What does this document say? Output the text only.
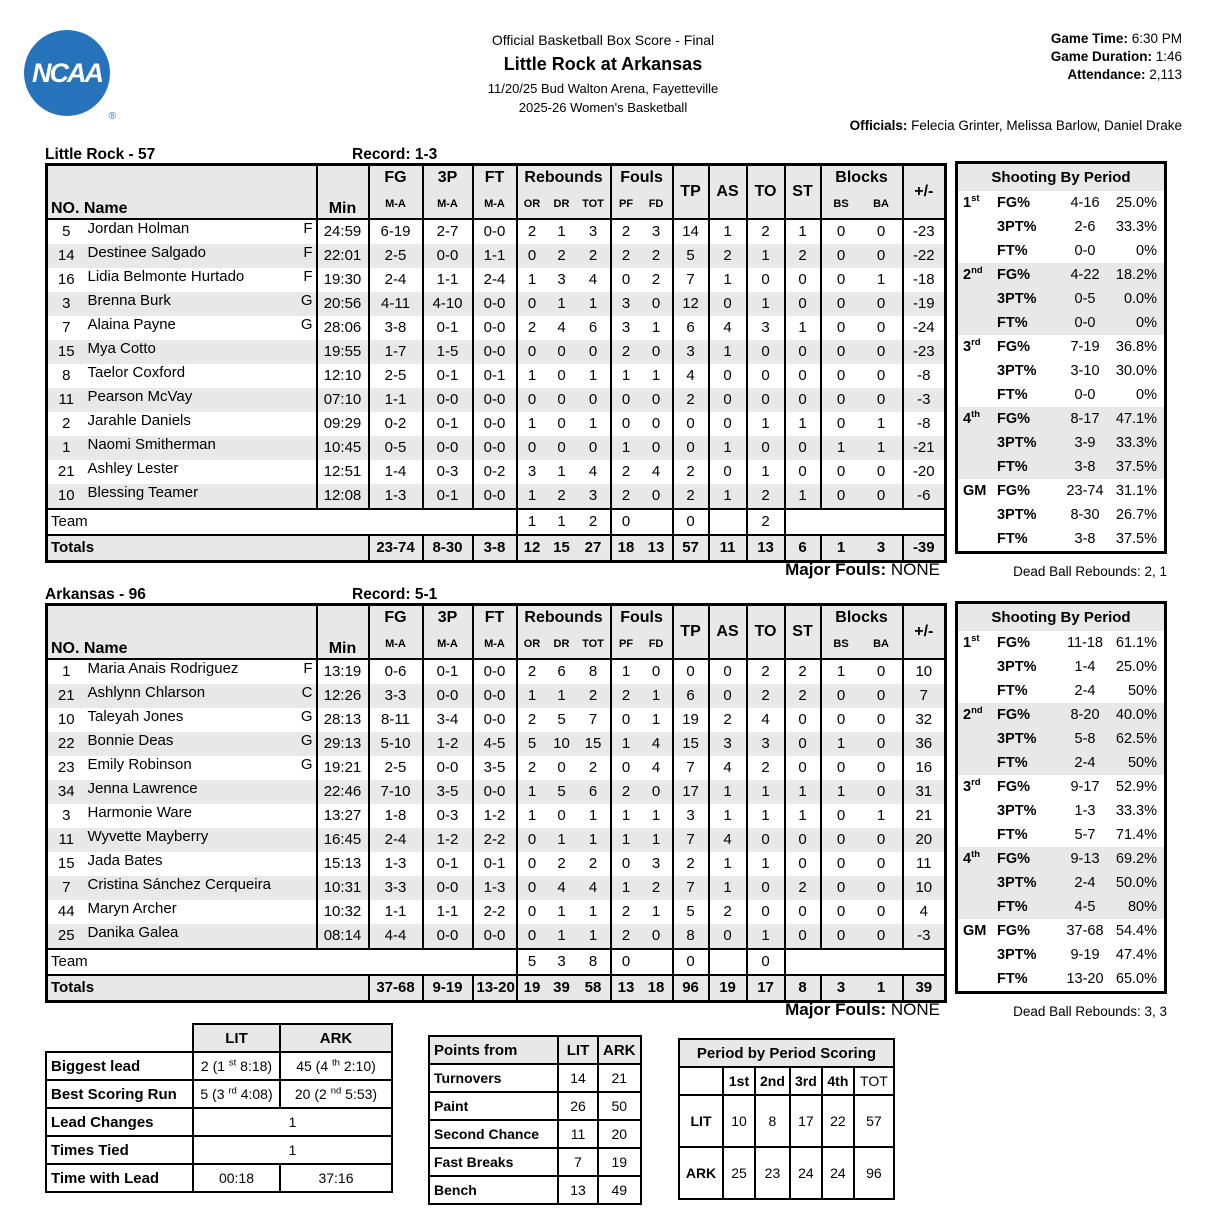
NCAA
®
Official Basketball Box Score - Final
Little Rock at Arkansas
11/20/25 Bud Walton Arena, Fayetteville
2025-26 Women's Basketball
Game Time: 6:30 PM
Game Duration: 1:46
Attendance: 2,113
Officials: Felecia Grinter, Melissa Barlow, Daniel Drake
Little Rock - 57	Record: 1-3
NO. Name	Min	FG	3P	FT	Rebounds			Fouls		TP	AS	TO	ST	Blocks		+/-
		M-A	M-A	M-A	OR	DR	TOT	PF	FD					BS	BA	
5	Jordan Holman	F 24:59	6-19	2-7	0-0	2	1	3	2	3	14	1	2	1	0	0	-23
14	Destinee Salgado	F 22:01	2-5	0-0	1-1	0	2	2	2	2	5	2	1	2	0	0	-22
16	Lidia Belmonte Hurtado	F 19:30	2-4	1-1	2-4	1	3	4	0	2	7	1	0	0	0	1	-18
3	Brenna Burk	G 20:56	4-11	4-10	0-0	0	1	1	3	0	12	0	1	0	0	0	-19
7	Alaina Payne	G 28:06	3-8	0-1	0-0	2	4	6	3	1	6	4	3	1	0	0	-24
15	Mya Cotto	19:55	1-7	1-5	0-0	0	0	0	2	0	3	1	0	0	0	0	-23
8	Taelor Coxford	12:10	2-5	0-1	0-1	1	0	1	1	1	4	0	0	0	0	0	-8
11	Pearson McVay	07:10	1-1	0-0	0-0	0	0	0	0	0	2	0	0	0	0	0	-3
2	Jarahle Daniels	09:29	0-2	0-1	0-0	1	0	1	0	0	0	0	1	1	0	1	-8
1	Naomi Smitherman	10:45	0-5	0-0	0-0	0	0	0	1	0	0	1	0	0	1	1	-21
21	Ashley Lester	12:51	1-4	0-3	0-2	3	1	4	2	4	2	0	1	0	0	0	-20
10	Blessing Teamer	12:08	1-3	0-1	0-0	1	2	3	2	0	2	1	2	1	0	0	-6
Team					1	1	2	0		0		2				
Totals		23-74	8-30	3-8	12	15	27	18	13	57	11	13	6	1	3	-39
Shooting By Period
1st	FG%	4-16	25.0%
3PT%	2-6	33.3%
FT%	0-0	0%
2nd FG%	4-22	18.2%
3PT%	0-5	0.0%
FT%	0-0	0%
3rd	FG%	7-19	36.8%
3PT%	3-10	30.0%
FT%	0-0	0%
4th	FG%	8-17	47.1%
3PT%	3-9	33.3%
FT%	3-8	37.5%
GM FG%	23-74 31.1%
3PT%	8-30	26.7%
FT%	3-8	37.5%
Major Fouls: NONE	Dead Ball Rebounds: 2, 1
Arkansas - 96	Record: 5-1
NO. Name	Min	FG	3P	FT	Rebounds			Fouls		TP	AS	TO	ST	Blocks		+/-
		M-A	M-A	M-A	OR	DR	TOT	PF	FD					BS	BA	
1	Maria Anais Rodriguez	F 13:19	0-6	0-1	0-0	2	6	8	1	0	0	0	2	2	1	0	10
21	Ashlynn Chlarson	C 12:26	3-3	0-0	0-0	1	1	2	2	1	6	0	2	2	0	0	7
10	Taleyah Jones	G 28:13	8-11	3-4	0-0	2	5	7	0	1	19	2	4	0	0	0	32
22	Bonnie Deas	G 29:13	5-10	1-2	4-5	5	10	15	1	4	15	3	3	0	1	0	36
23	Emily Robinson	G 19:21	2-5	0-0	3-5	2	0	2	0	4	7	4	2	0	0	0	16
34	Jenna Lawrence	22:46	7-10	3-5	0-0	1	5	6	2	0	17	1	1	1	1	0	31
3	Harmonie Ware	13:27	1-8	0-3	1-2	1	0	1	1	1	3	1	1	1	0	1	21
11	Wyvette Mayberry	16:45	2-4	1-2	2-2	0	1	1	1	1	7	4	0	0	0	0	20
15	Jada Bates	15:13	1-3	0-1	0-1	0	2	2	0	3	2	1	1	0	0	0	11
7	Cristina Sánchez Cerqueira	10:31	3-3	0-0	1-3	0	4	4	1	2	7	1	0	2	0	0	10
44	Maryn Archer	10:32	1-1	1-1	2-2	0	1	1	2	1	5	2	0	0	0	0	4
25	Danika Galea	08:14	4-4	0-0	0-0	0	1	1	2	0	8	0	1	0	0	0	-3
Team					5	3	8	0		0		0				
Totals		37-68	9-19	13-20	19	39	58	13	18	96	19	17	8	3	1	39
Shooting By Period
1st	FG%	11-18 61.1%
3PT%	1-4	25.0%
FT%	2-4	50%
2nd FG%	8-20	40.0%
3PT%	5-8	62.5%
FT%	2-4	50%
3rd	FG%	9-17	52.9%
3PT%	1-3	33.3%
FT%	5-7	71.4%
4th	FG%	9-13	69.2%
3PT%	2-4	50.0%
FT%	4-5	80%
GM FG%	37-68 54.4%
3PT%	9-19	47.4%
FT%	13-20 65.0%
Major Fouls: NONE	Dead Ball Rebounds: 3, 3
	LIT	ARK
Biggest lead	2 (1 $^{st}$ 8:18)	45 (4 $^{th}$ 2:10)
Best Scoring Run	5 (3 $^{rd}$ 4:08)	20 (2 $^{nd}$ 5:53)
Lead Changes	1	
Times Tied	1	
Time with Lead	00:18	37:16
Points from	LIT	ARK
Turnovers	14	21
Paint	26	50
Second Chance	11	20
Fast Breaks	7	19
Bench	13	49
Period by Period Scoring					
	1st	2nd	3rd	4th	TOT
LIT	10	8	17	22	57
ARK	25	23	24	24	96
